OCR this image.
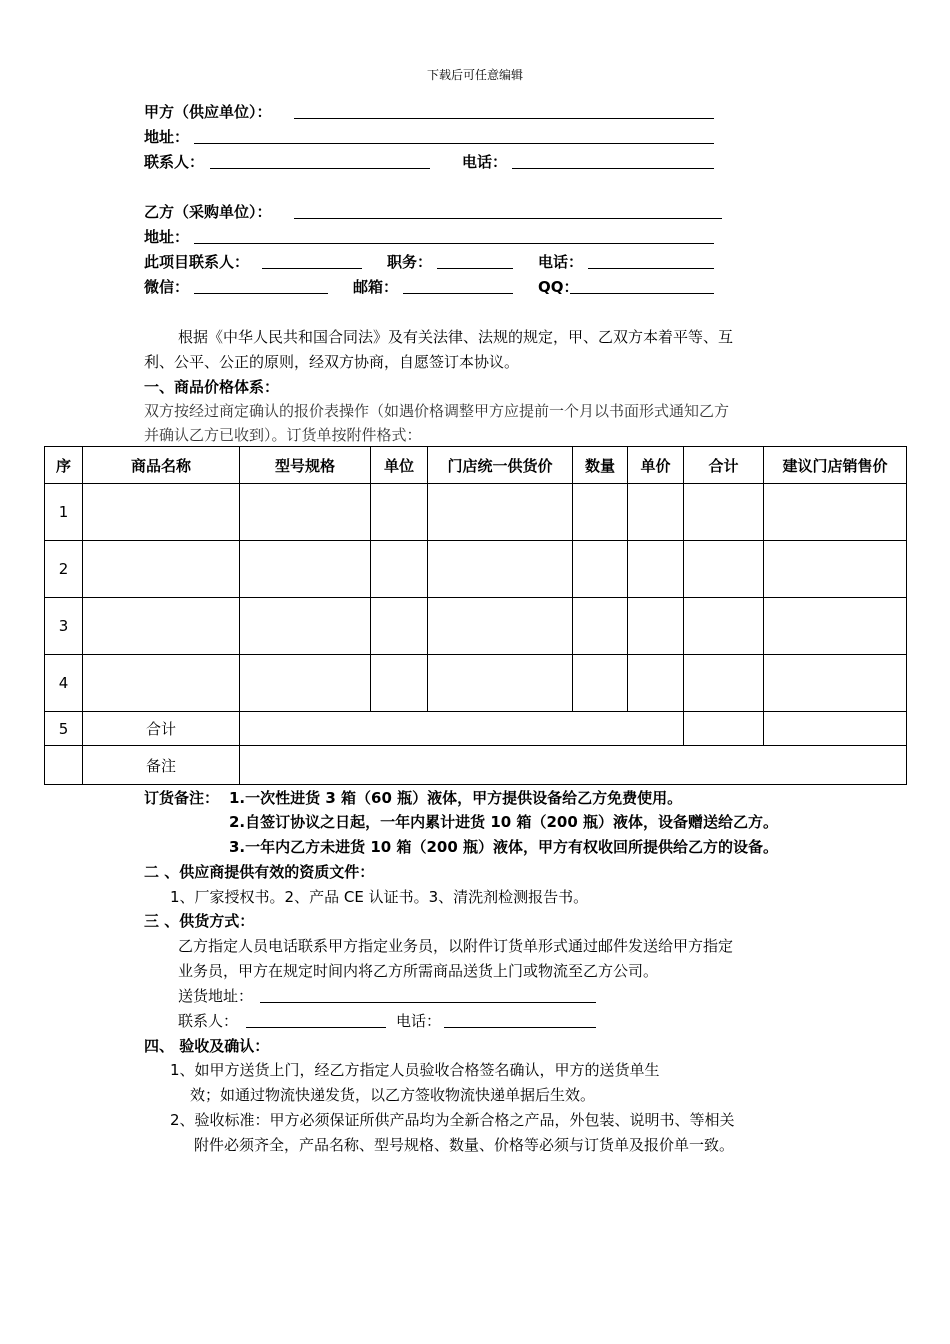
下载后可任意编辑
甲方（供应单位）：
地址：
联系人：	电话：
乙方（采购单位）：
地址：
此项目联系人：	职务：	电话：
微信：	邮箱：	QQ：
根据《中华人民共和国合同法》及有关法律、法规的规定，甲、乙双方本着平等、互
利、公平、公正的原则，经双方协商，自愿签订本协议。
一、商品价格体系：
双方按经过商定确认的报价表操作（如遇价格调整甲方应提前一个月以书面形式通知乙方
并确认乙方已收到）。订货单按附件格式：
序	商品名称	型号规格	单位	门店统一供货价	数量	单价	合计	建议门店销售价
1								
2								
3								
4								
5	合计							
	备注							
订货备注： 1.一次性进货 3 箱（60 瓶）液体，甲方提供设备给乙方免费使用。
2.自签订协议之日起，一年内累计进货 10 箱（200 瓶）液体，设备赠送给乙方。
3.一年内乙方未进货 10 箱（200 瓶）液体，甲方有权收回所提供给乙方的设备。
二 、供应商提供有效的资质文件：
1、厂家授权书。2、产品 CE 认证书。3、清洗剂检测报告书。
三 、供货方式：
乙方指定人员电话联系甲方指定业务员，以附件订货单形式通过邮件发送给甲方指定
业务员，甲方在规定时间内将乙方所需商品送货上门或物流至乙方公司。
送货地址：
联系人：	电话：
四、 验收及确认：
1、如甲方送货上门，经乙方指定人员验收合格签名确认，甲方的送货单生
效；如通过物流快递发货，以乙方签收物流快递单据后生效。
2、验收标准：甲方必须保证所供产品均为全新合格之产品，外包装、说明书、等相关
附件必须齐全，产品名称、型号规格、数量、价格等必须与订货单及报价单一致。
